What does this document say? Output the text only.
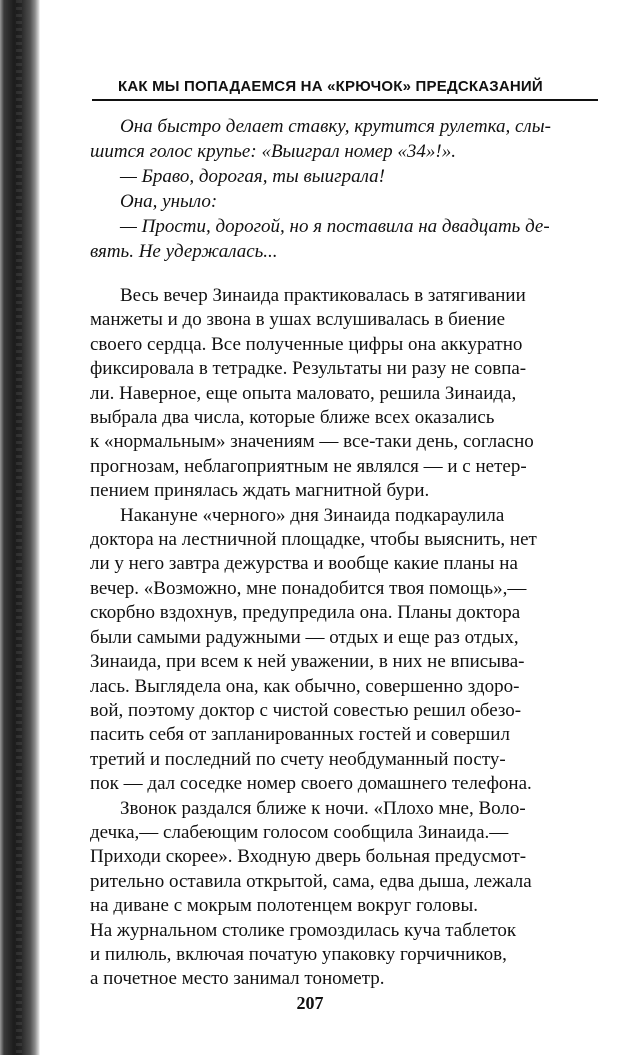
КАК МЫ ПОПАДАЕМСЯ НА «КРЮЧОК» ПРЕДСКАЗАНИЙ
Она быстро делает ставку, крутится рулетка, слы-
шится голос крупье: «Выиграл номер «34»!».
— Браво, дорогая, ты выиграла!
Она, уныло:
— Прости, дорогой, но я поставила на двадцать де-
вять. Не удержалась...
Весь вечер Зинаида практиковалась в затягивании
манжеты и до звона в ушах вслушивалась в биение
своего сердца. Все полученные цифры она аккуратно
фиксировала в тетрадке. Результаты ни разу не совпа-
ли. Наверное, еще опыта маловато, решила Зинаида,
выбрала два числа, которые ближе всех оказались
к «нормальным» значениям — все-таки день, согласно
прогнозам, неблагоприятным не являлся — и с нетер-
пением принялась ждать магнитной бури.
Накануне «черного» дня Зинаида подкараулила
доктора на лестничной площадке, чтобы выяснить, нет
ли у него завтра дежурства и вообще какие планы на
вечер. «Возможно, мне понадобится твоя помощь»,—
скорбно вздохнув, предупредила она. Планы доктора
были самыми радужными — отдых и еще раз отдых,
Зинаида, при всем к ней уважении, в них не вписыва-
лась. Выглядела она, как обычно, совершенно здоро-
вой, поэтому доктор с чистой совестью решил обезо-
пасить себя от запланированных гостей и совершил
третий и последний по счету необдуманный посту-
пок — дал соседке номер своего домашнего телефона.
Звонок раздался ближе к ночи. «Плохо мне, Воло-
дечка,— слабеющим голосом сообщила Зинаида.—
Приходи скорее». Входную дверь больная предусмот-
рительно оставила открытой, сама, едва дыша, лежала
на диване с мокрым полотенцем вокруг головы.
На журнальном столике громоздилась куча таблеток
и пилюль, включая початую упаковку горчичников,
а почетное место занимал тонометр.
207
